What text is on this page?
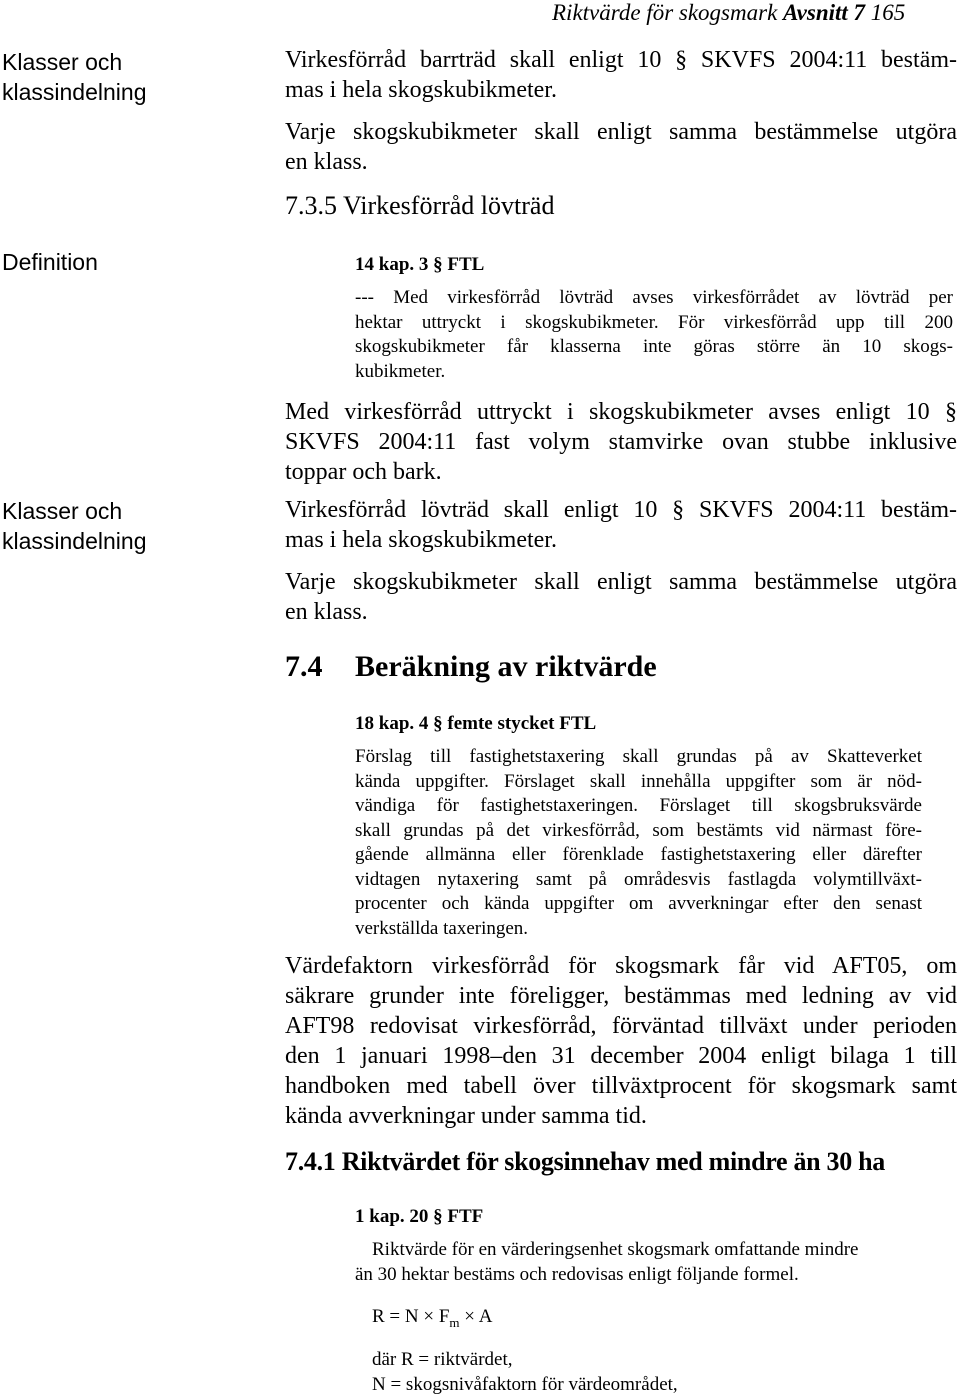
Riktvärde för skogsmark Avsnitt 7 165
Klasser och
klassindelning
Definition
Klasser och
klassindelning
Virkesförråd barrträd skall enligt 10 § SKVFS 2004:11 bestäm-
mas i hela skogskubikmeter.
Varje skogskubikmeter skall enligt samma bestämmelse utgöra
en klass.
7.3.5 Virkesförråd lövträd
14 kap. 3 § FTL
--- Med virkesförråd lövträd avses virkesförrådet av lövträd per
hektar uttryckt i skogskubikmeter. För virkesförråd upp till 200
skogskubikmeter får klasserna inte göras större än 10 skogs-
kubikmeter.
Med virkesförråd uttryckt i skogskubikmeter avses enligt 10 §
SKVFS 2004:11 fast volym stamvirke ovan stubbe inklusive
toppar och bark.
Virkesförråd lövträd skall enligt 10 § SKVFS 2004:11 bestäm-
mas i hela skogskubikmeter.
Varje skogskubikmeter skall enligt samma bestämmelse utgöra
en klass.
7.4 Beräkning av riktvärde
18 kap. 4 § femte stycket FTL
Förslag till fastighetstaxering skall grundas på av Skatteverket
kända uppgifter. Förslaget skall innehålla uppgifter som är nöd-
vändiga för fastighetstaxeringen. Förslaget till skogsbruksvärde
skall grundas på det virkesförråd, som bestämts vid närmast före-
gående allmänna eller förenklade fastighetstaxering eller därefter
vidtagen nytaxering samt på områdesvis fastlagda volymtillväxt-
procenter och kända uppgifter om avverkningar efter den senast
verkställda taxeringen.
Värdefaktorn virkesförråd för skogsmark får vid AFT05, om
säkrare grunder inte föreligger, bestämmas med ledning av vid
AFT98 redovisat virkesförråd, förväntad tillväxt under perioden
den 1 januari 1998–den 31 december 2004 enligt bilaga 1 till
handboken med tabell över tillväxtprocent för skogsmark samt
kända avverkningar under samma tid.
7.4.1 Riktvärdet för skogsinnehav med mindre än 30 ha
1 kap. 20 § FTF
Riktvärde för en värderingsenhet skogsmark omfattande mindre
än 30 hektar bestäms och redovisas enligt följande formel.
$R = N \times F_m \times A$
där R = riktvärdet,
N = skogsnivåfaktorn för värdeområdet,
